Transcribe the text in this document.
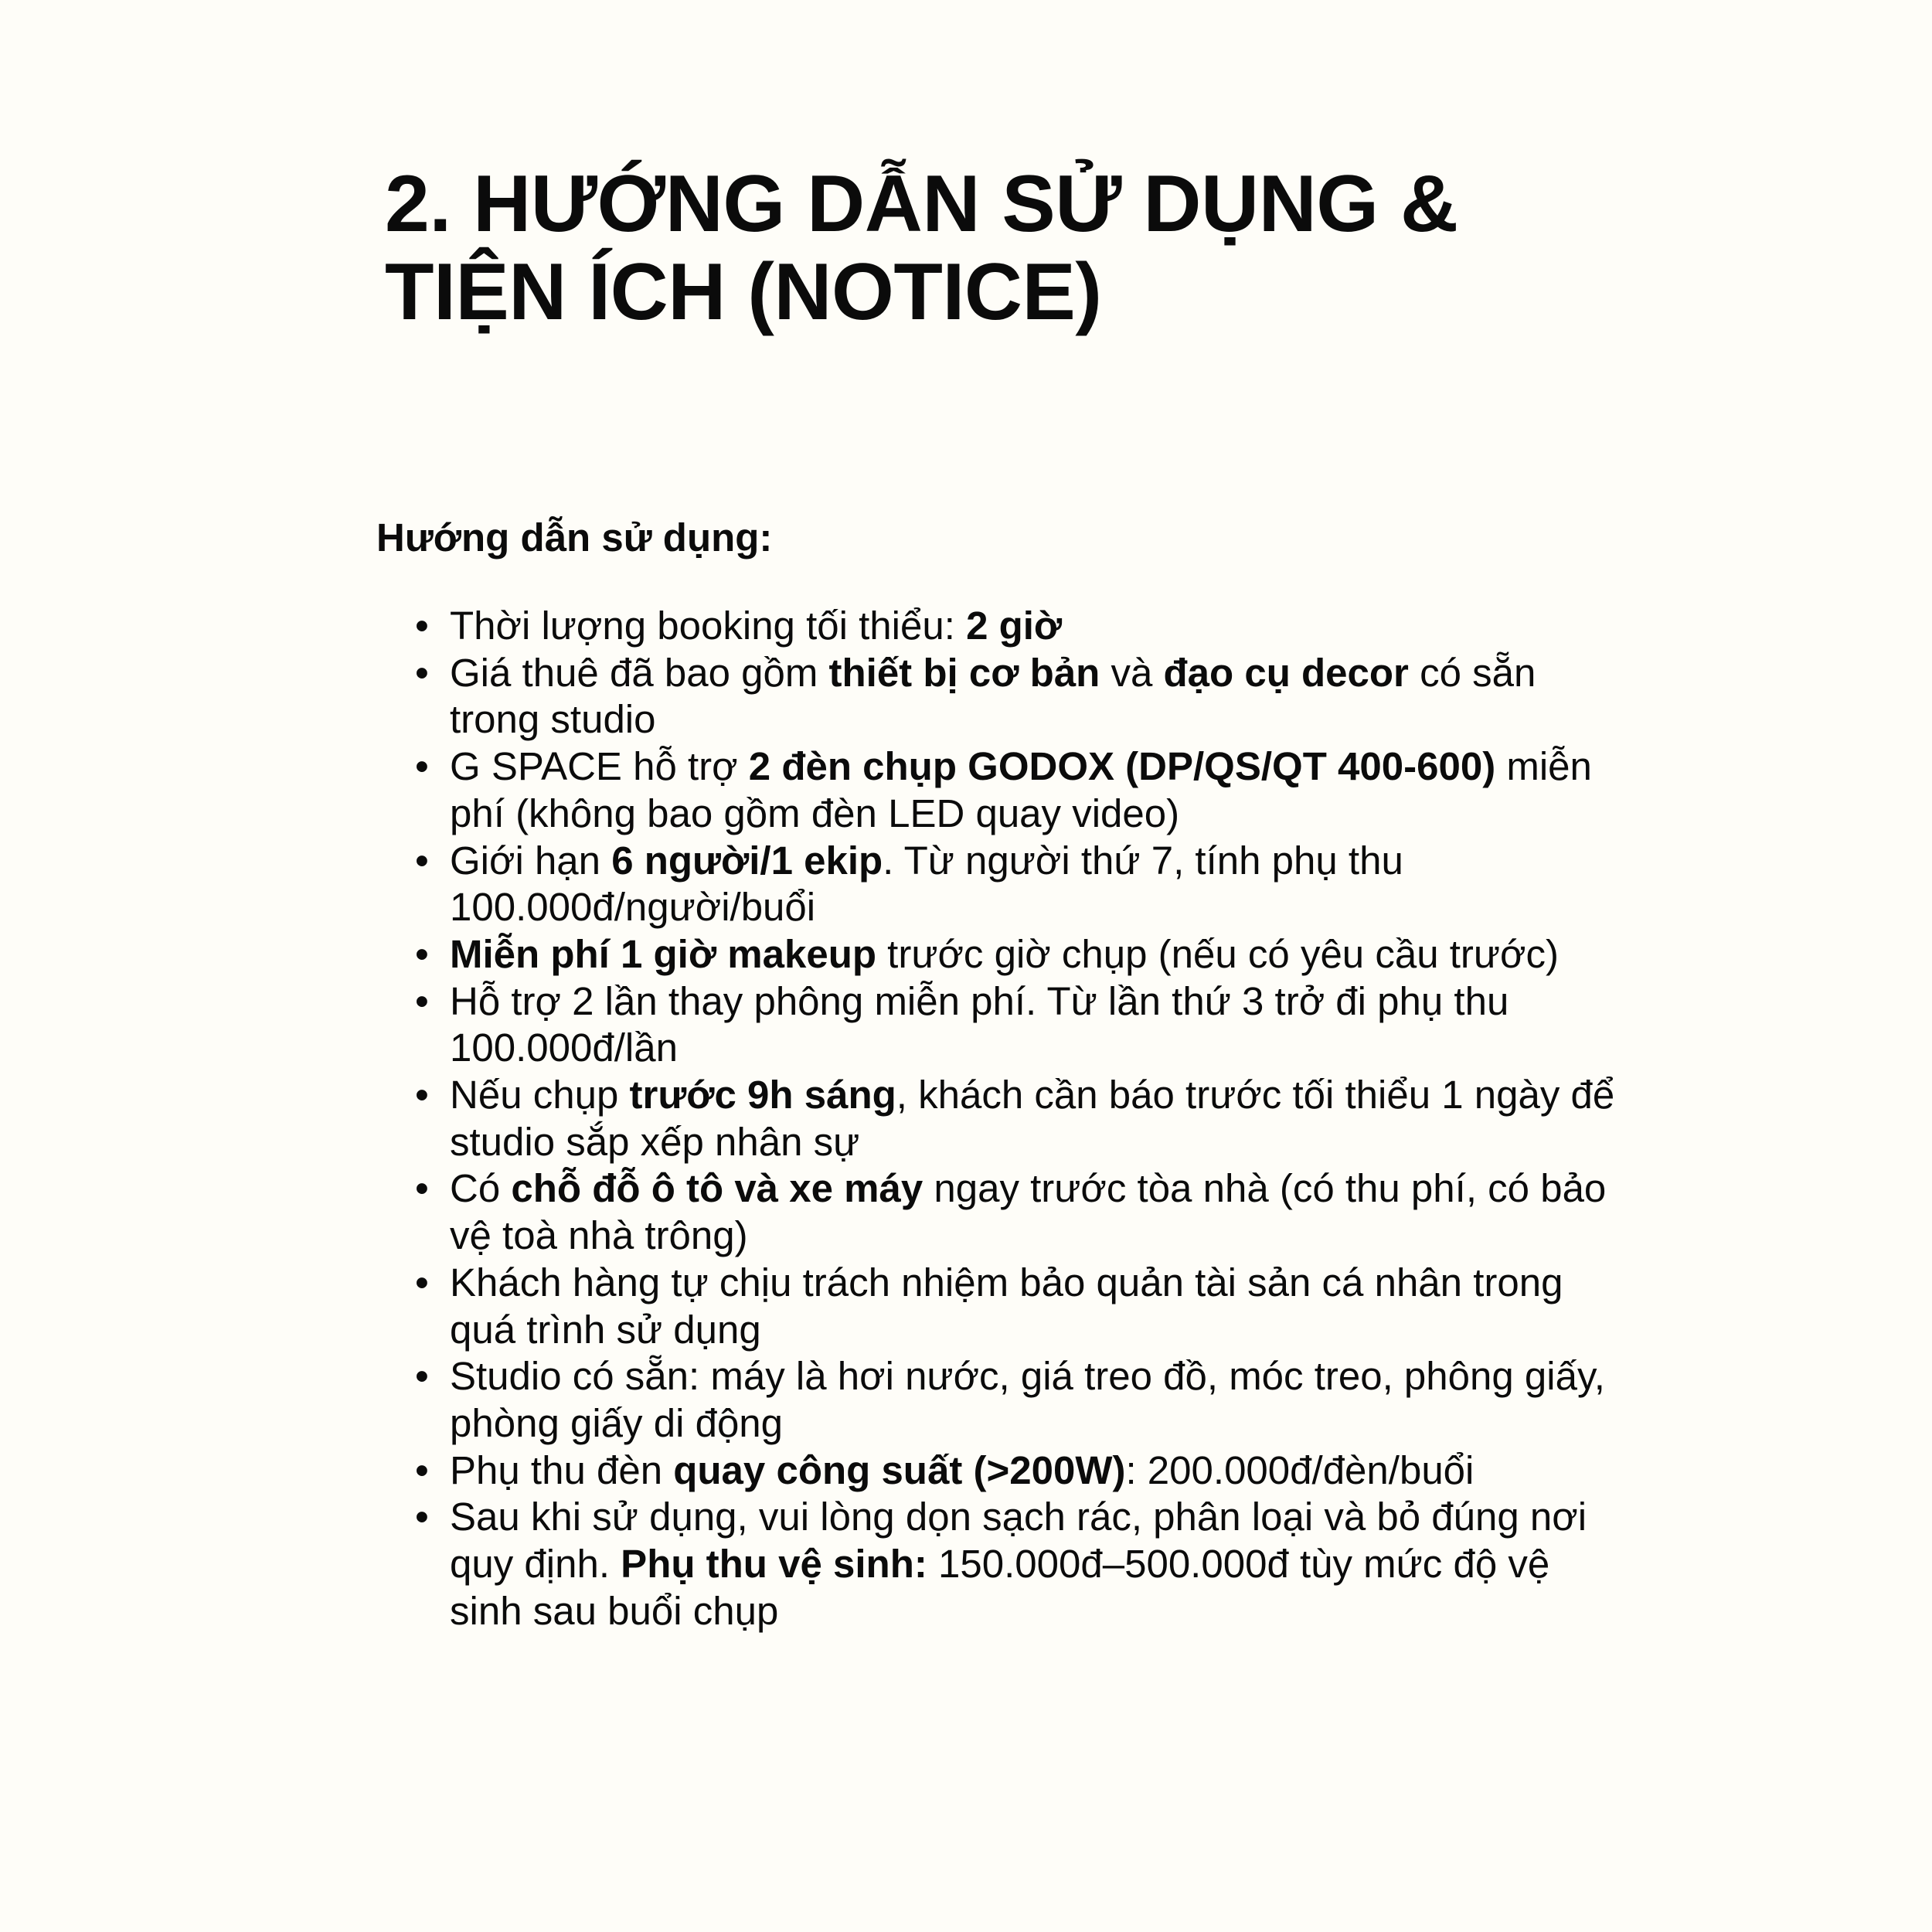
2. HƯỚNG DẪN SỬ DỤNG &
TIỆN ÍCH (NOTICE)
Hướng dẫn sử dụng:
• Thời lượng booking tối thiểu: 2 giờ
• Giá thuê đã bao gồm thiết bị cơ bản và đạo cụ decor có sẵn trong studio
• G SPACE hỗ trợ 2 đèn chụp GODOX (DP/QS/QT 400-600) miễn phí (không bao gồm đèn LED quay video)
• Giới hạn 6 người/1 ekip. Từ người thứ 7, tính phụ thu 100.000đ/người/buổi
• Miễn phí 1 giờ makeup trước giờ chụp (nếu có yêu cầu trước)
• Hỗ trợ 2 lần thay phông miễn phí. Từ lần thứ 3 trở đi phụ thu 100.000đ/lần
• Nếu chụp trước 9h sáng, khách cần báo trước tối thiểu 1 ngày để studio sắp xếp nhân sự
• Có chỗ đỗ ô tô và xe máy ngay trước tòa nhà (có thu phí, có bảo vệ toà nhà trông)
• Khách hàng tự chịu trách nhiệm bảo quản tài sản cá nhân trong quá trình sử dụng
• Studio có sẵn: máy là hơi nước, giá treo đồ, móc treo, phông giấy, phòng giấy di động
• Phụ thu đèn quay công suất (>200W): 200.000đ/đèn/buổi
• Sau khi sử dụng, vui lòng dọn sạch rác, phân loại và bỏ đúng nơi quy định. Phụ thu vệ sinh: 150.000đ–500.000đ tùy mức độ vệ sinh sau buổi chụp
